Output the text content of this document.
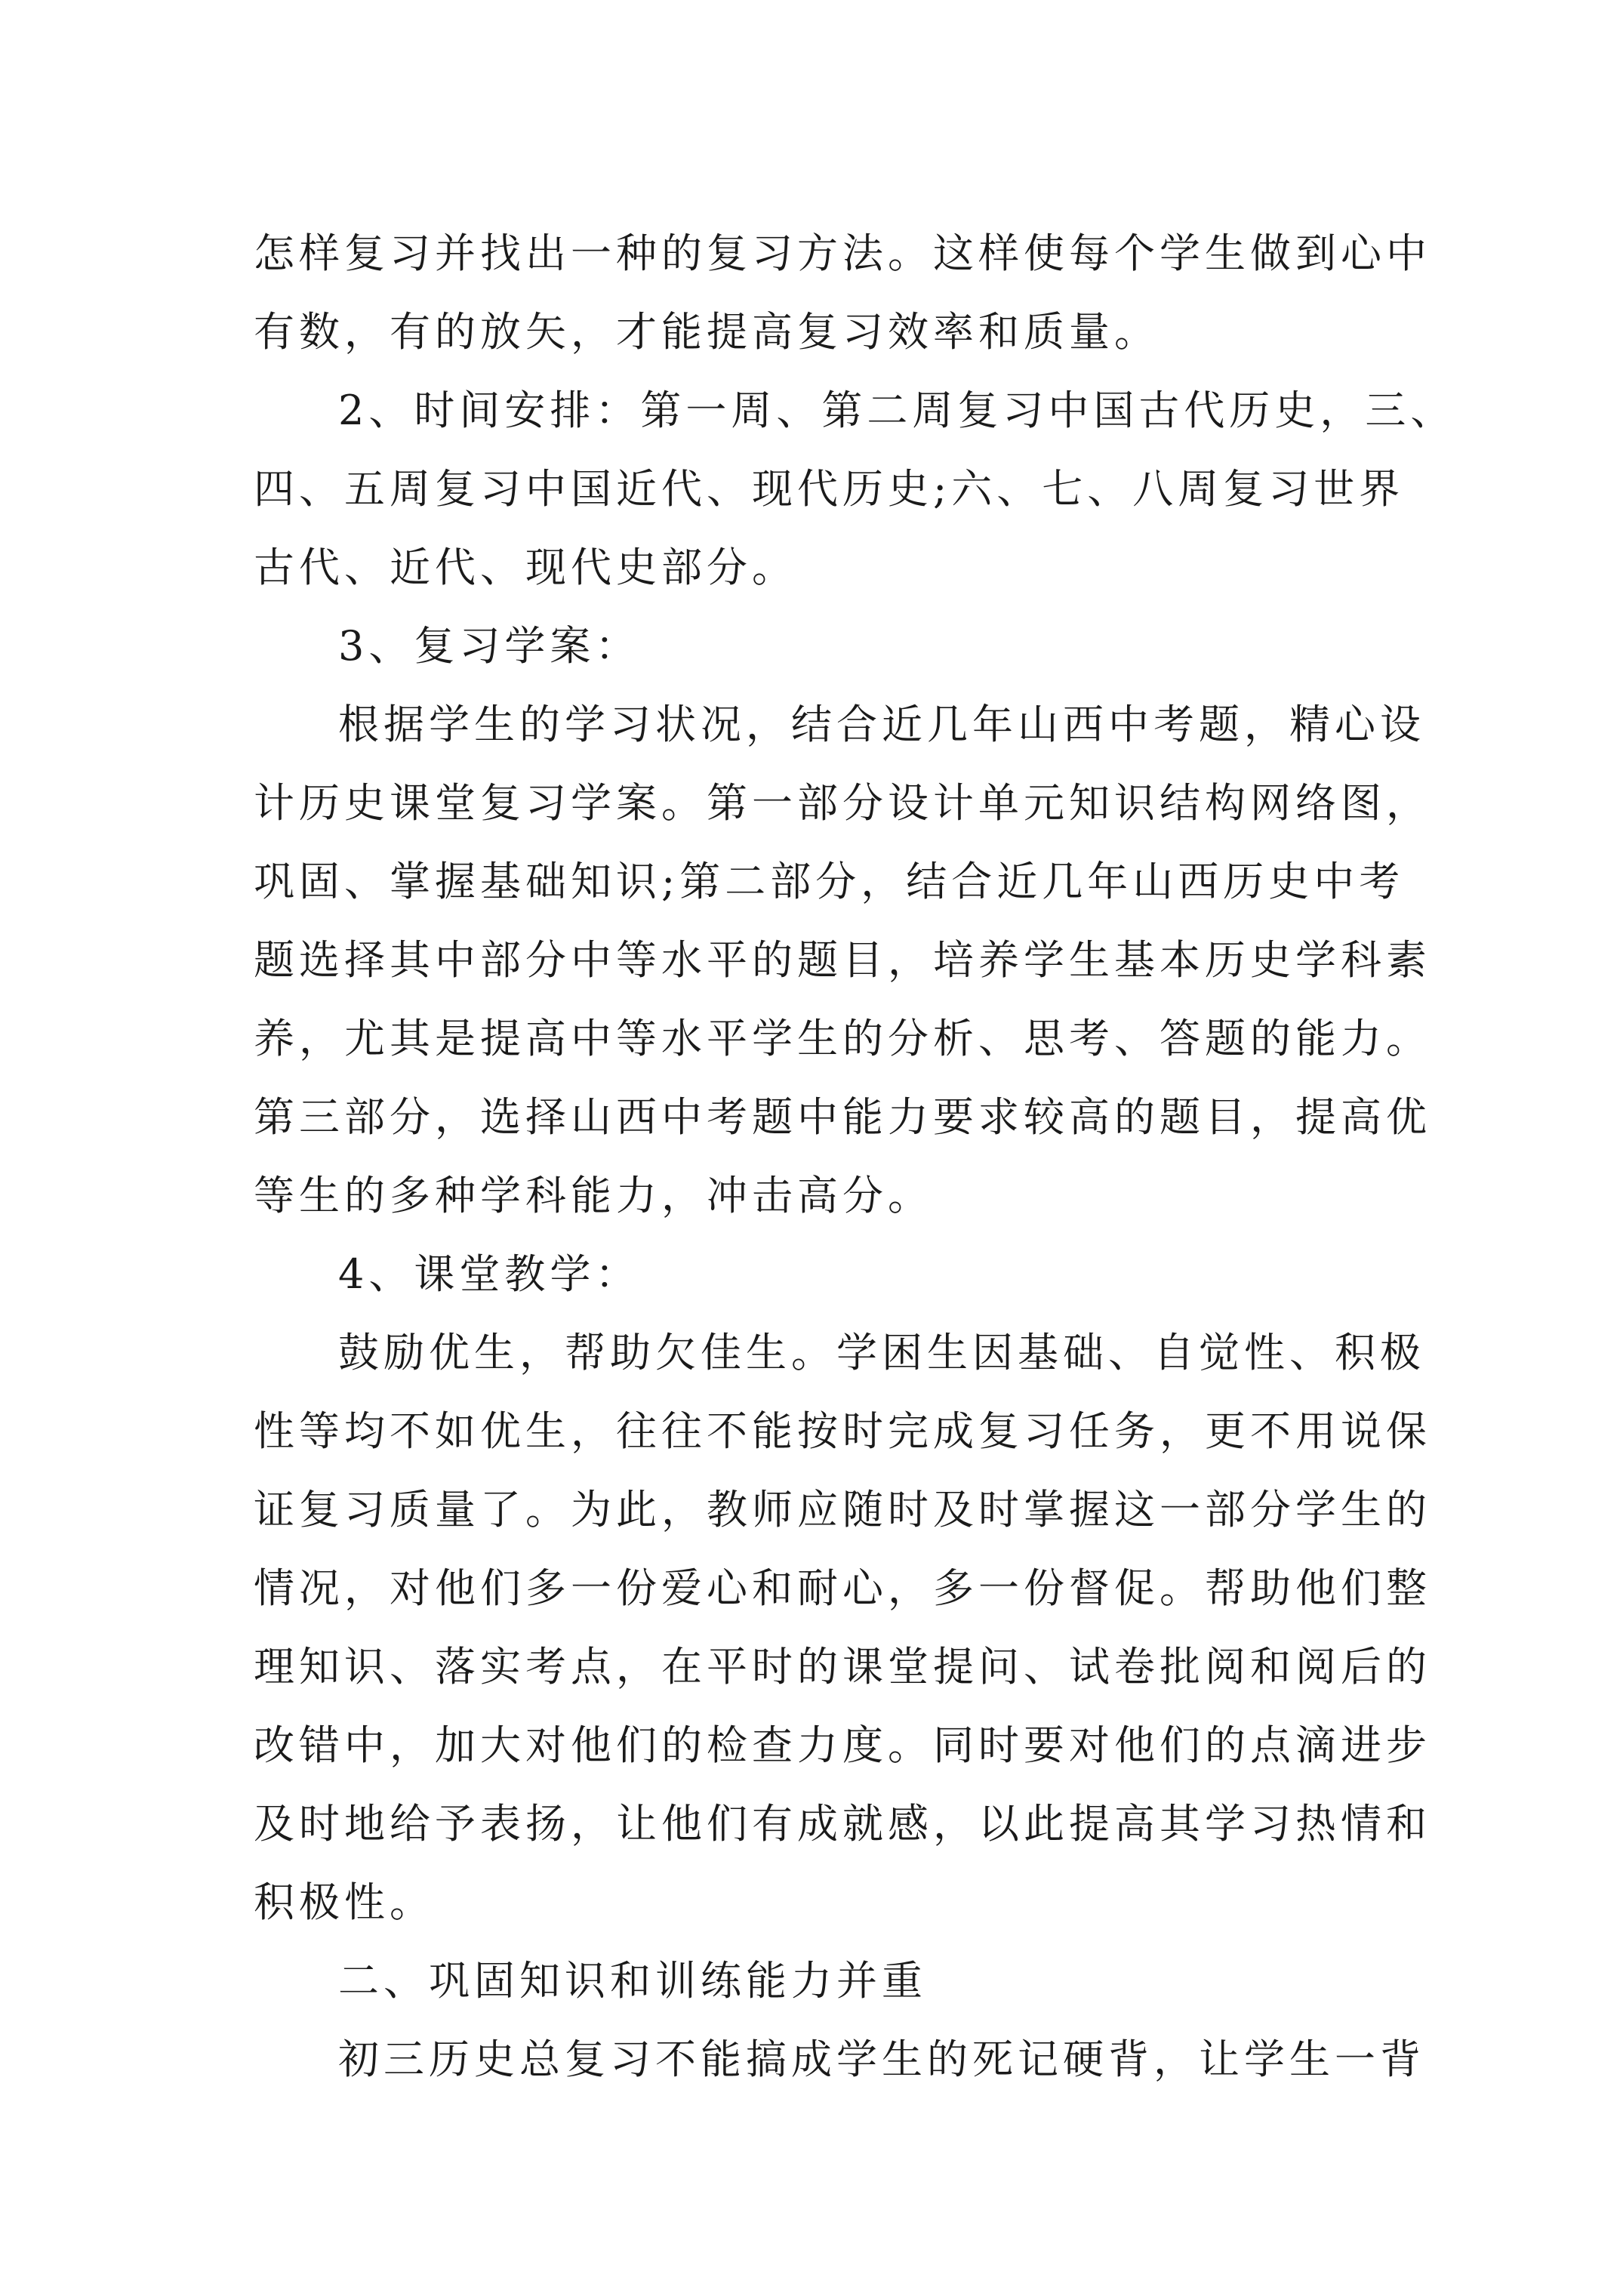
怎样复习并找出一种的复习方法。这样使每个学生做到心中
有数，有的放矢，才能提高复习效率和质量。
2、时间安排：第一周、第二周复习中国古代历史，三、
四、五周复习中国近代、现代历史;六、七、八周复习世界
古代、近代、现代史部分。
3、复习学案：
根据学生的学习状况，结合近几年山西中考题，精心设
计历史课堂复习学案。第一部分设计单元知识结构网络图，
巩固、掌握基础知识;第二部分，结合近几年山西历史中考
题选择其中部分中等水平的题目，培养学生基本历史学科素
养，尤其是提高中等水平学生的分析、思考、答题的能力。
第三部分，选择山西中考题中能力要求较高的题目，提高优
等生的多种学科能力，冲击高分。
4、课堂教学：
鼓励优生，帮助欠佳生。学困生因基础、自觉性、积极
性等均不如优生，往往不能按时完成复习任务，更不用说保
证复习质量了。为此，教师应随时及时掌握这一部分学生的
情况，对他们多一份爱心和耐心，多一份督促。帮助他们整
理知识、落实考点，在平时的课堂提问、试卷批阅和阅后的
改错中，加大对他们的检查力度。同时要对他们的点滴进步
及时地给予表扬，让他们有成就感，以此提高其学习热情和
积极性。
二、巩固知识和训练能力并重
初三历史总复习不能搞成学生的死记硬背，让学生一背
